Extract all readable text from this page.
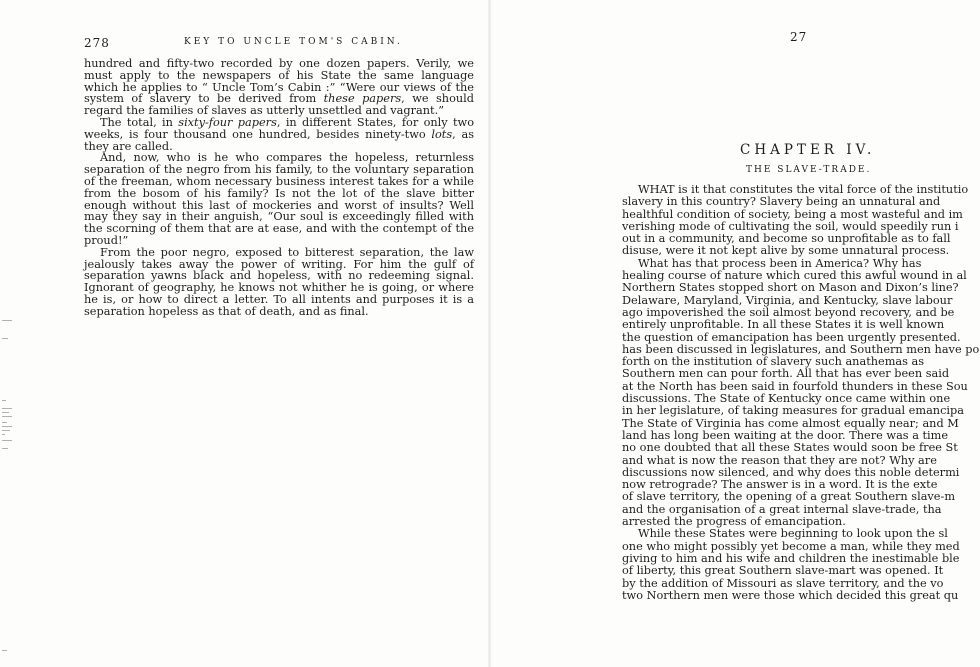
278	KEY TO UNCLE TOM'S CABIN.

hundred and fifty-two recorded by one dozen papers. Verily, we must apply to the newspapers of his State the same language which he applies to “ Uncle Tom’s Cabin :” “Were our views of the system of slavery to be derived from these papers, we should regard the families of slaves as utterly unsettled and vagrant.”

The total, in sixty-four papers, in different States, for only two weeks, is four thousand one hundred, besides ninety-two lots, as they are called.

And, now, who is he who compares the hopeless, returnless separation of the negro from his family, to the voluntary separation of the freeman, whom necessary business interest takes for a while from the bosom of his family? Is not the lot of the slave bitter enough without this last of mockeries and worst of insults? Well may they say in their anguish, “Our soul is exceedingly filled with the scorning of them that are at ease, and with the contempt of the proud!”

From the poor negro, exposed to bitterest separation, the law jealously takes away the power of writing. For him the gulf of separation yawns black and hopeless, with no redeeming signal. Ignorant of geography, he knows not whither he is going, or where he is, or how to direct a letter. To all intents and purposes it is a separation hopeless as that of death, and as final.

27
CHAPTER IV.
THE SLAVE-TRADE.
WHAT is it that constitutes the vital force of the institutio
slavery in this country? Slavery being an unnatural and
healthful condition of society, being a most wasteful and im
verishing mode of cultivating the soil, would speedily run i
out in a community, and become so unprofitable as to fall
disuse, were it not kept alive by some unnatural process.
What has that process been in America? Why has
healing course of nature which cured this awful wound in al
Northern States stopped short on Mason and Dixon’s line?
Delaware, Maryland, Virginia, and Kentucky, slave labour
ago impoverished the soil almost beyond recovery, and be
entirely unprofitable. In all these States it is well known
the question of emancipation has been urgently presented.
has been discussed in legislatures, and Southern men have po
forth on the institution of slavery such anathemas as
Southern men can pour forth. All that has ever been said
at the North has been said in fourfold thunders in these Sou
discussions. The State of Kentucky once came within one
in her legislature, of taking measures for gradual emancipa
The State of Virginia has come almost equally near; and M
land has long been waiting at the door. There was a time
no one doubted that all these States would soon be free St
and what is now the reason that they are not? Why are
discussions now silenced, and why does this noble determi
now retrograde? The answer is in a word. It is the exte
of slave territory, the opening of a great Southern slave-m
and the organisation of a great internal slave-trade, tha
arrested the progress of emancipation.
While these States were beginning to look upon the sl
one who might possibly yet become a man, while they med
giving to him and his wife and children the inestimable ble
of liberty, this great Southern slave-mart was opened. It
by the addition of Missouri as slave territory, and the vo
two Northern men were those which decided this great qu
